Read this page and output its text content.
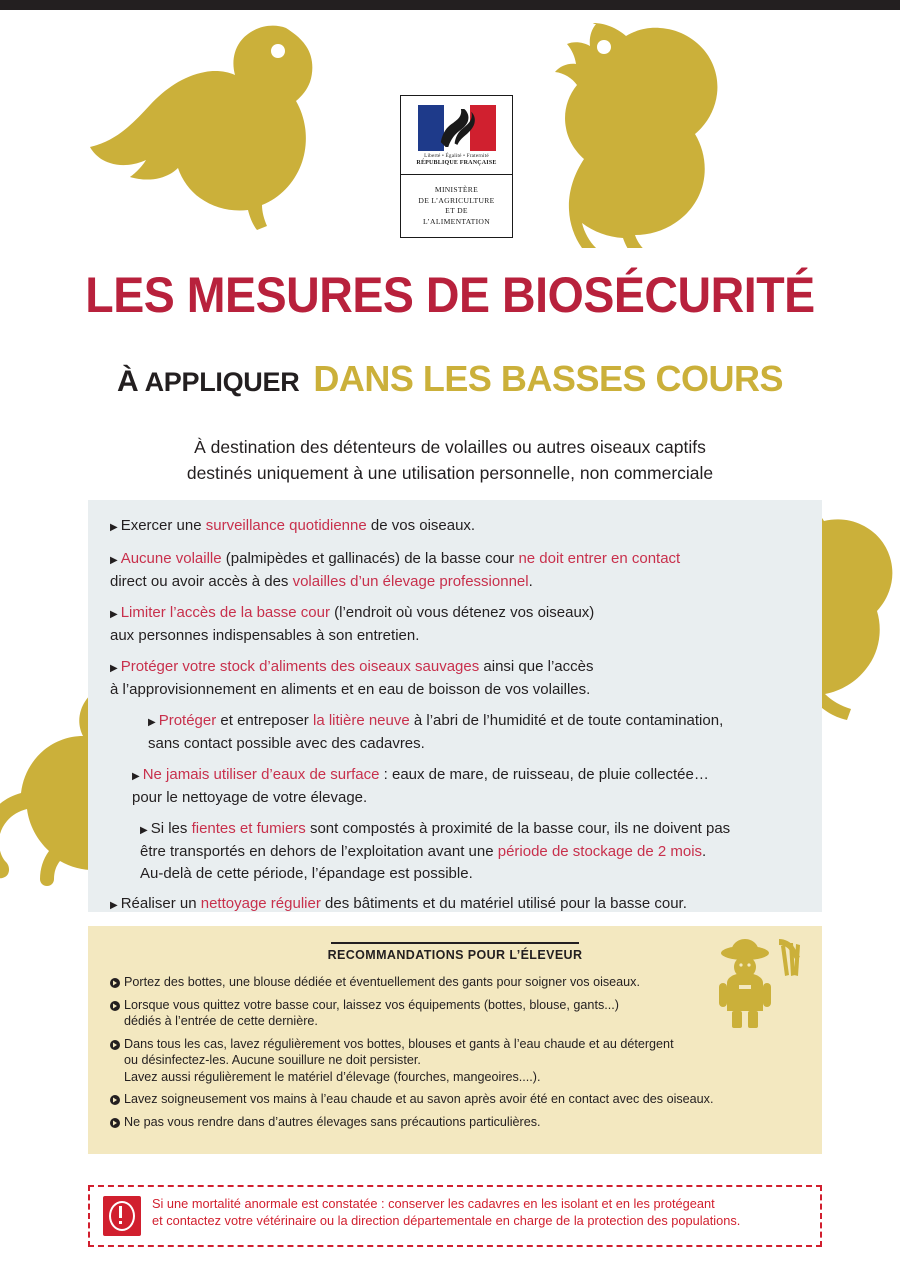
Liberté • Égalité • Fraternité
RÉPUBLIQUE FRANÇAISE
MINISTÈRE
DE L’AGRICULTURE
ET DE
L’ALIMENTATION
LES MESURES DE BIOSÉCURITÉ
À APPLIQUER DANS LES BASSES COURS
À destination des détenteurs de volailles ou autres oiseaux captifs
destinés uniquement à une utilisation personnelle, non commerciale
▶ Exercer une surveillance quotidienne de vos oiseaux.
▶ Aucune volaille (palmipèdes et gallinacés) de la basse cour ne doit entrer en contact
direct ou avoir accès à des volailles d’un élevage professionnel.
▶ Limiter l’accès de la basse cour (l’endroit où vous détenez vos oiseaux)
aux personnes indispensables à son entretien.
▶ Protéger votre stock d’aliments des oiseaux sauvages ainsi que l’accès
à l’approvisionnement en aliments et en eau de boisson de vos volailles.
▶ Protéger et entreposer la litière neuve à l’abri de l’humidité et de toute contamination,
sans contact possible avec des cadavres.
▶ Ne jamais utiliser d’eaux de surface : eaux de mare, de ruisseau, de pluie collectée…
pour le nettoyage de votre élevage.
▶ Si les fientes et fumiers sont compostés à proximité de la basse cour, ils ne doivent pas
être transportés en dehors de l’exploitation avant une période de stockage de 2 mois.
Au-delà de cette période, l’épandage est possible.
▶ Réaliser un nettoyage régulier des bâtiments et du matériel utilisé pour la basse cour.
RECOMMANDATIONS POUR L’ÉLEVEUR
Portez des bottes, une blouse dédiée et éventuellement des gants pour soigner vos oiseaux.
Lorsque vous quittez votre basse cour, laissez vos équipements (bottes, blouse, gants...)
dédiés à l’entrée de cette dernière.
Dans tous les cas, lavez régulièrement vos bottes, blouses et gants à l’eau chaude et au détergent
ou désinfectez-les. Aucune souillure ne doit persister.
Lavez aussi régulièrement le matériel d’élevage (fourches, mangeoires....).
Lavez soigneusement vos mains à l’eau chaude et au savon après avoir été en contact avec des oiseaux.
Ne pas vous rendre dans d’autres élevages sans précautions particulières.
Si une mortalité anormale est constatée : conserver les cadavres en les isolant et en les protégeant
et contactez votre vétérinaire ou la direction départementale en charge de la protection des populations.
